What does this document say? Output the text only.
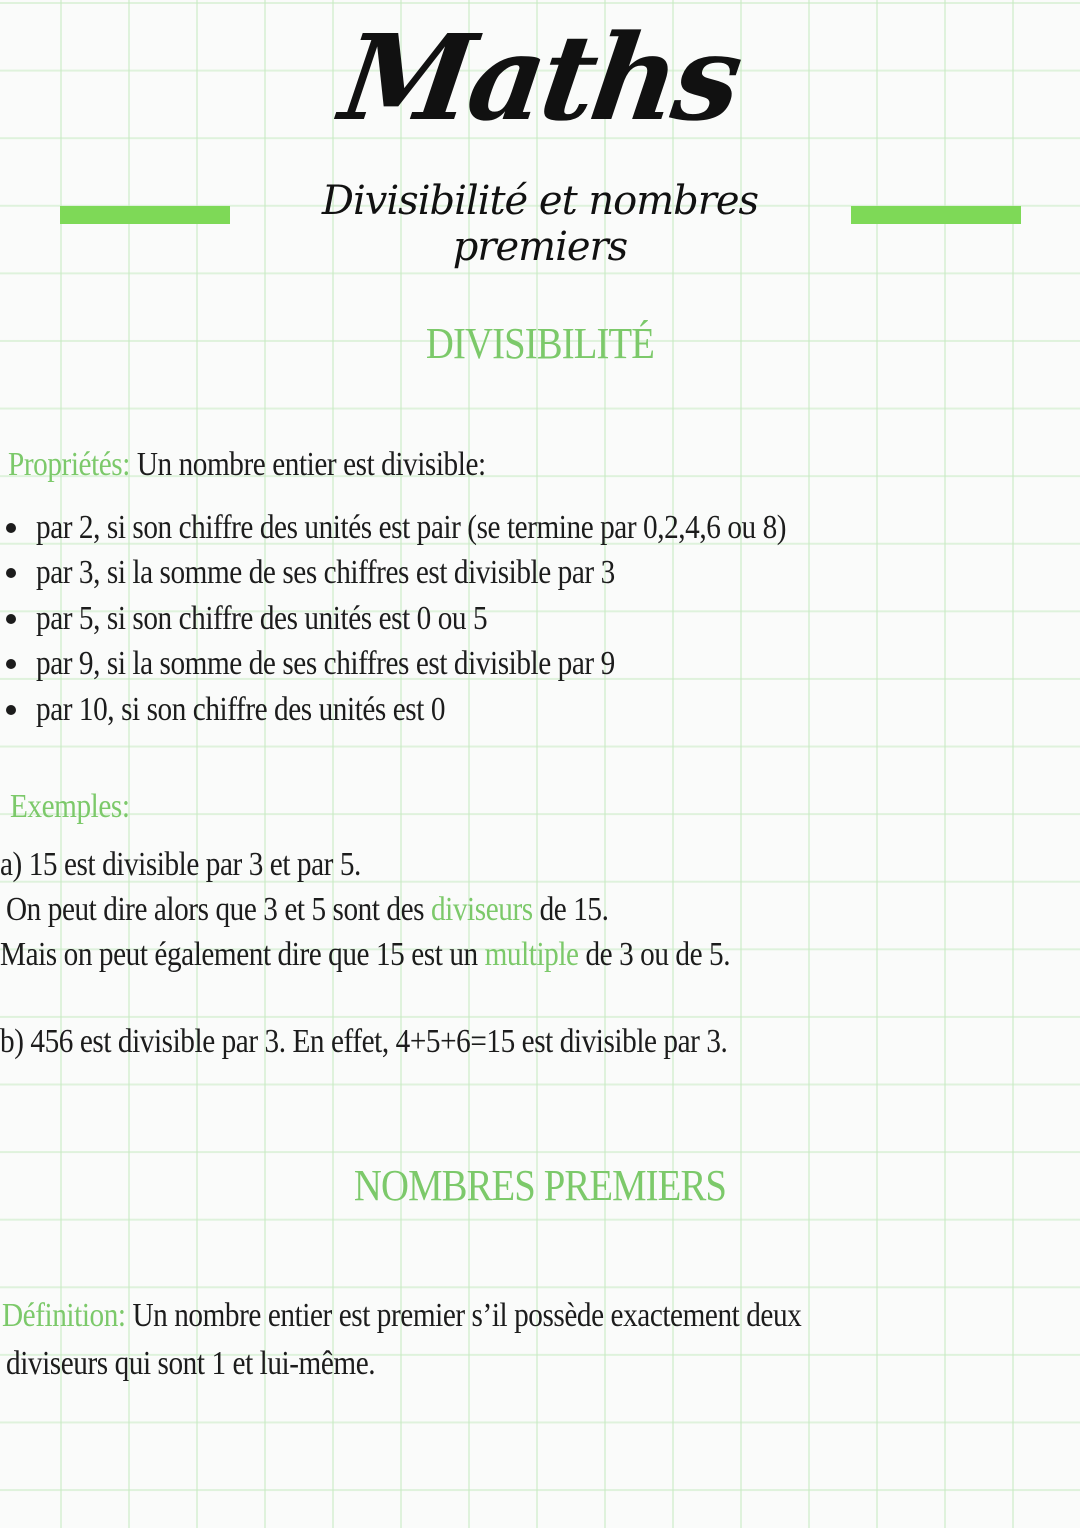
Maths
Divisibilité et nombres premiers
DIVISIBILITÉ
Propriétés: Un nombre entier est divisible:
par 2, si son chiffre des unités est pair (se termine par 0,2,4,6 ou 8)
par 3, si la somme de ses chiffres est divisible par 3
par 5, si son chiffre des unités est 0 ou 5
par 9, si la somme de ses chiffres est divisible par 9
par 10, si son chiffre des unités est 0
Exemples:
a) 15 est divisible par 3 et par 5.
On peut dire alors que 3 et 5 sont des diviseurs de 15.
Mais on peut également dire que 15 est un multiple de 3 ou de 5.
b) 456 est divisible par 3. En effet, 4+5+6=15 est divisible par 3.
NOMBRES PREMIERS
Définition: Un nombre entier est premier s’il possède exactement deux
diviseurs qui sont 1 et lui-même.
